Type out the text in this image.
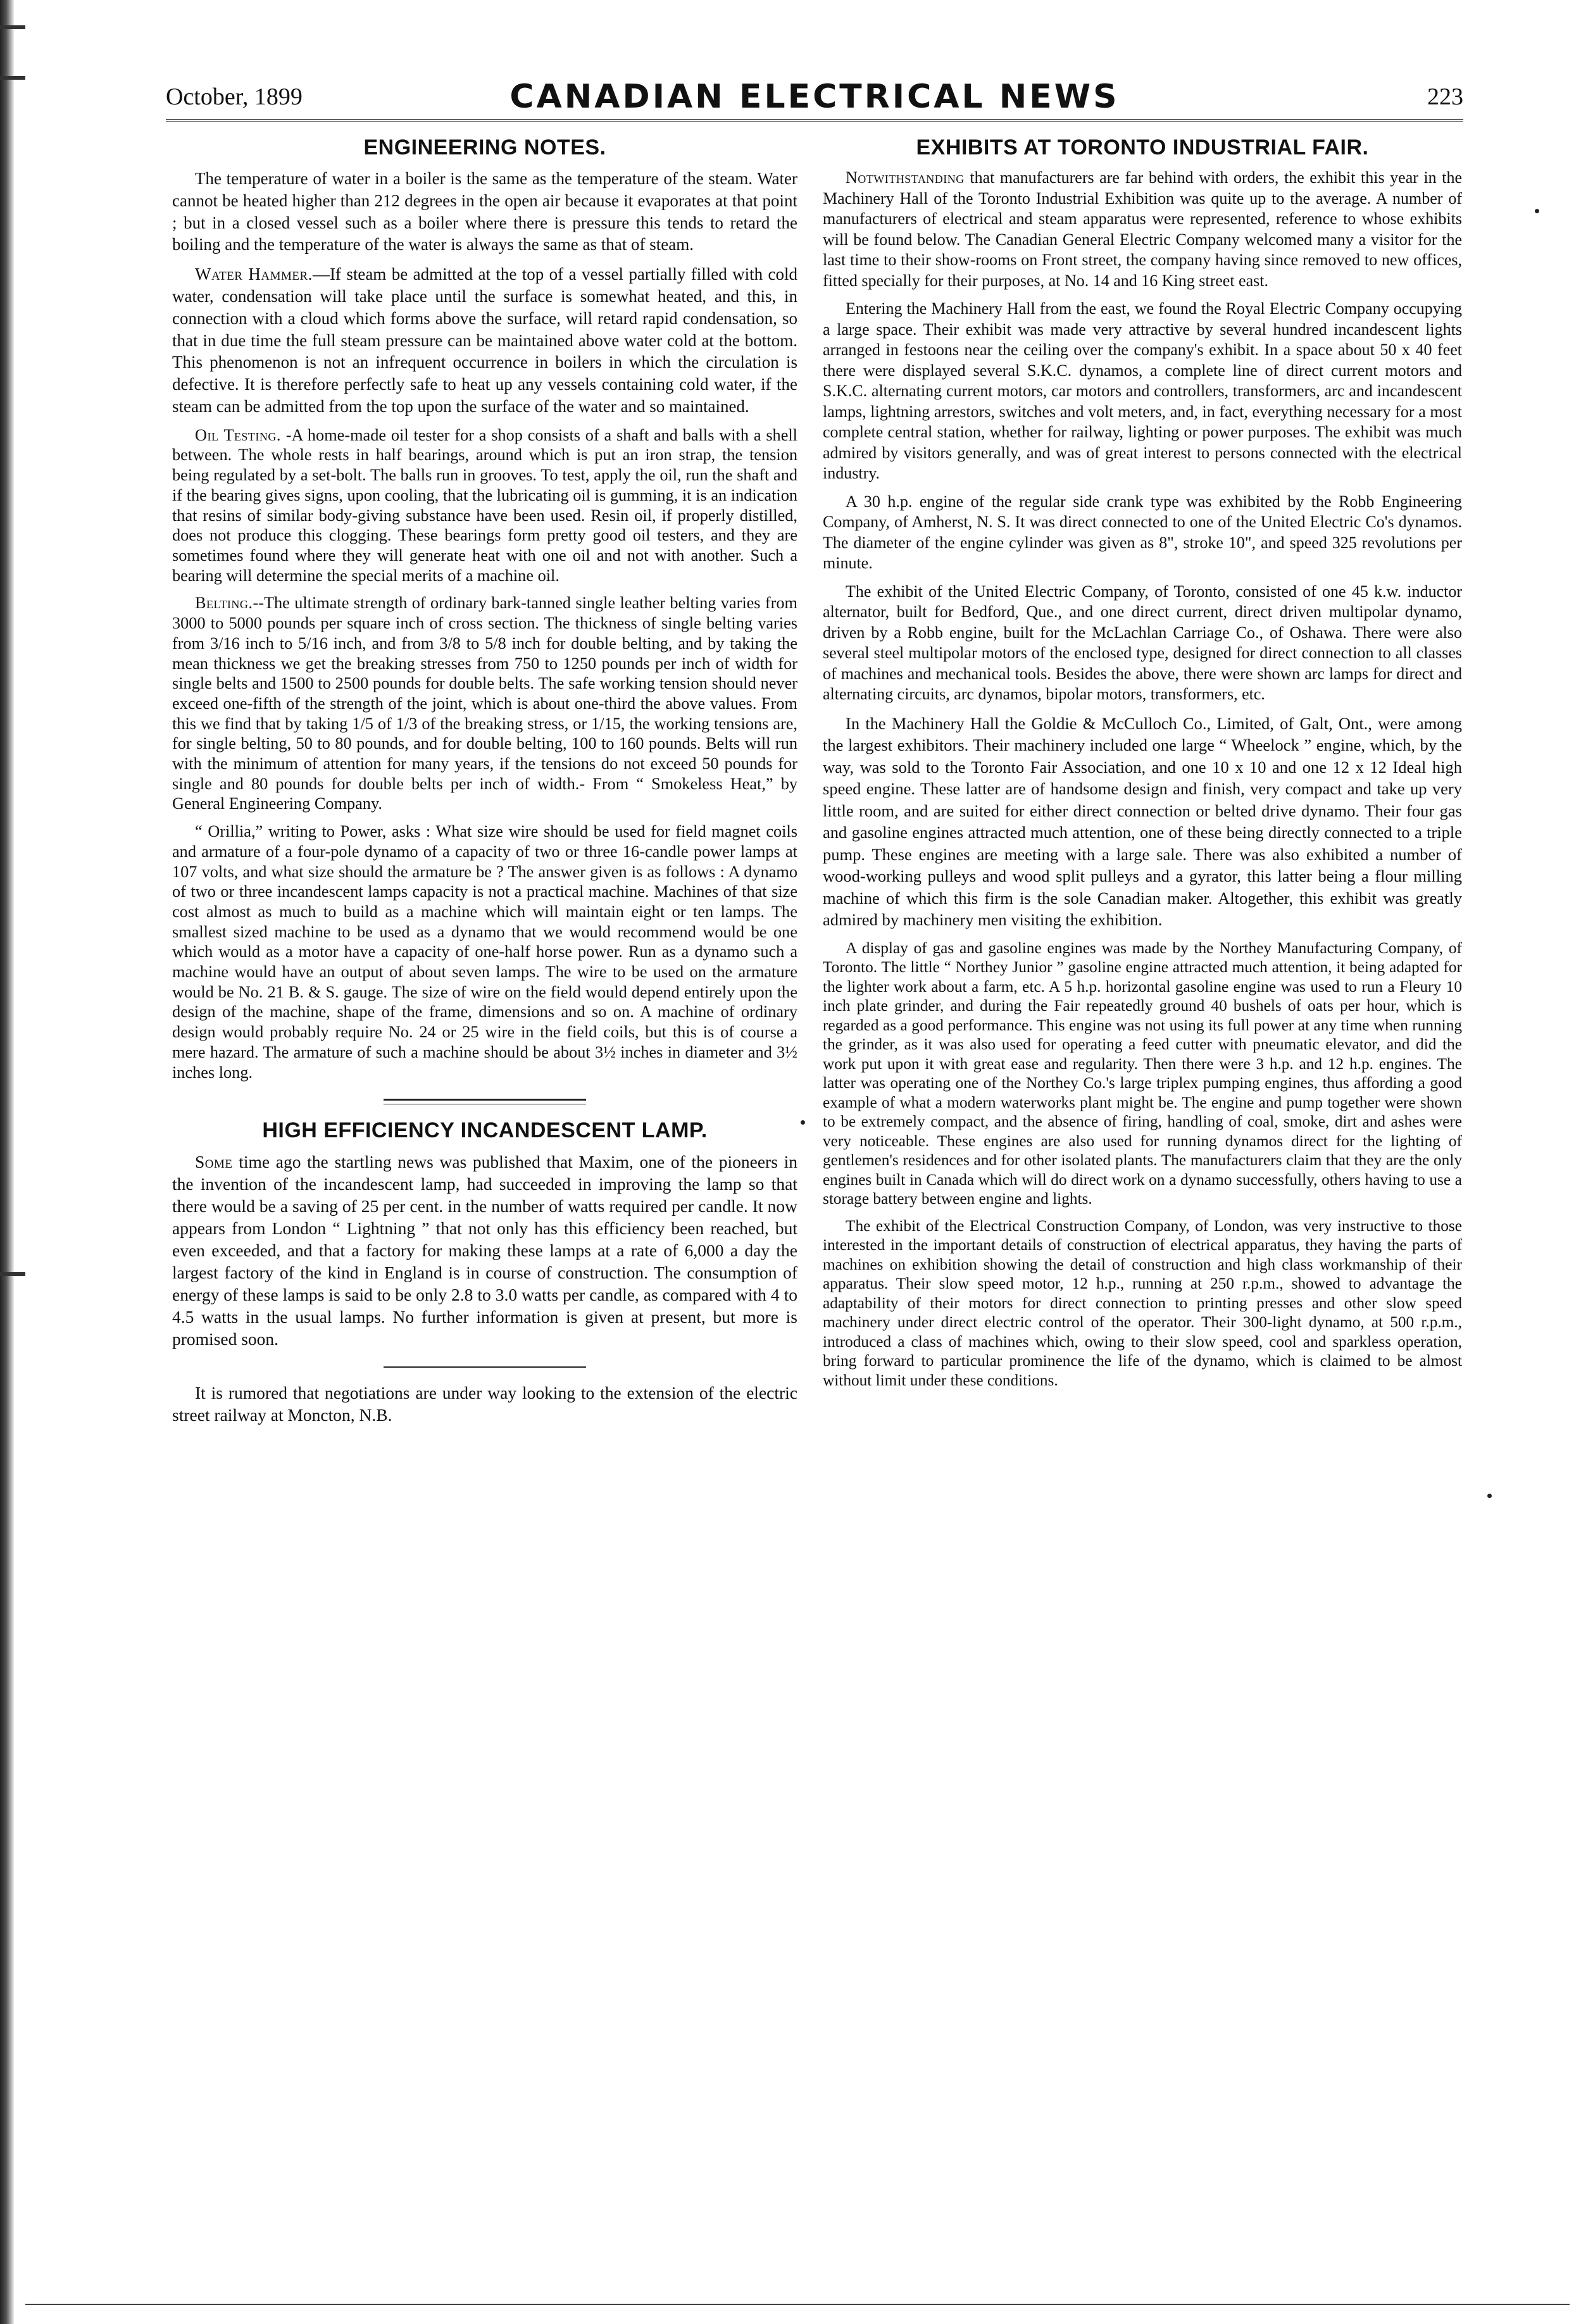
October, 1899	CANADIAN ELECTRICAL NEWS	223
ENGINEERING NOTES.

The temperature of water in a boiler is the same as the temperature of the steam. Water cannot be heated higher than 212 degrees in the open air because it evaporates at that point ; but in a closed vessel such as a boiler where there is pressure this tends to retard the boiling and the temperature of the water is always the same as that of steam.

Water Hammer.—If steam be admitted at the top of a vessel partially filled with cold water, condensation will take place until the surface is somewhat heated, and this, in connection with a cloud which forms above the surface, will retard rapid condensation, so that in due time the full steam pressure can be maintained above water cold at the bottom. This phenomenon is not an infrequent occurrence in boilers in which the circulation is defective. It is therefore perfectly safe to heat up any vessels containing cold water, if the steam can be admitted from the top upon the surface of the water and so maintained.

Oil Testing. -A home-made oil tester for a shop consists of a shaft and balls with a shell between. The whole rests in half bearings, around which is put an iron strap, the tension being regulated by a set-bolt. The balls run in grooves. To test, apply the oil, run the shaft and if the bearing gives signs, upon cooling, that the lubricating oil is gumming, it is an indication that resins of similar body-giving substance have been used. Resin oil, if properly distilled, does not produce this clogging. These bearings form pretty good oil testers, and they are sometimes found where they will generate heat with one oil and not with another. Such a bearing will determine the special merits of a machine oil.

Belting.--The ultimate strength of ordinary bark-tanned single leather belting varies from 3000 to 5000 pounds per square inch of cross section. The thickness of single belting varies from 3/16 inch to 5/16 inch, and from 3/8 to 5/8 inch for double belting, and by taking the mean thickness we get the breaking stresses from 750 to 1250 pounds per inch of width for single belts and 1500 to 2500 pounds for double belts. The safe working tension should never exceed one-fifth of the strength of the joint, which is about one-third the above values. From this we find that by taking 1/5 of 1/3 of the breaking stress, or 1/15, the working tensions are, for single belting, 50 to 80 pounds, and for double belting, 100 to 160 pounds. Belts will run with the minimum of attention for many years, if the tensions do not exceed 50 pounds for single and 80 pounds for double belts per inch of width.- From “ Smokeless Heat,” by General Engineering Company.

“ Orillia,” writing to Power, asks : What size wire should be used for field magnet coils and armature of a four-pole dynamo of a capacity of two or three 16-candle power lamps at 107 volts, and what size should the armature be ? The answer given is as follows : A dynamo of two or three incandescent lamps capacity is not a practical machine. Machines of that size cost almost as much to build as a machine which will maintain eight or ten lamps. The smallest sized machine to be used as a dynamo that we would recommend would be one which would as a motor have a capacity of one-half horse power. Run as a dynamo such a machine would have an output of about seven lamps. The wire to be used on the armature would be No. 21 B. & S. gauge. The size of wire on the field would depend entirely upon the design of the machine, shape of the frame, dimensions and so on. A machine of ordinary design would probably require No. 24 or 25 wire in the field coils, but this is of course a mere hazard. The armature of such a machine should be about 3½ inches in diameter and 3½ inches long.

HIGH EFFICIENCY INCANDESCENT LAMP.

Some time ago the startling news was published that Maxim, one of the pioneers in the invention of the incandescent lamp, had succeeded in improving the lamp so that there would be a saving of 25 per cent. in the number of watts required per candle. It now appears from London “ Lightning ” that not only has this efficiency been reached, but even exceeded, and that a factory for making these lamps at a rate of 6,000 a day the largest factory of the kind in England is in course of construction. The consumption of energy of these lamps is said to be only 2.8 to 3.0 watts per candle, as compared with 4 to 4.5 watts in the usual lamps. No further information is given at present, but more is promised soon.

It is rumored that negotiations are under way looking to the extension of the electric street railway at Moncton, N.B.

EXHIBITS AT TORONTO INDUSTRIAL FAIR.

Notwithstanding that manufacturers are far behind with orders, the exhibit this year in the Machinery Hall of the Toronto Industrial Exhibition was quite up to the average. A number of manufacturers of electrical and steam apparatus were represented, reference to whose exhibits will be found below. The Canadian General Electric Company welcomed many a visitor for the last time to their show-rooms on Front street, the company having since removed to new offices, fitted specially for their purposes, at No. 14 and 16 King street east.

Entering the Machinery Hall from the east, we found the Royal Electric Company occupying a large space. Their exhibit was made very attractive by several hundred incandescent lights arranged in festoons near the ceiling over the company's exhibit. In a space about 50 x 40 feet there were displayed several S.K.C. dynamos, a complete line of direct current motors and S.K.C. alternating current motors, car motors and controllers, transformers, arc and incandescent lamps, lightning arrestors, switches and volt meters, and, in fact, everything necessary for a most complete central station, whether for railway, lighting or power purposes. The exhibit was much admired by visitors generally, and was of great interest to persons connected with the electrical industry.

A 30 h.p. engine of the regular side crank type was exhibited by the Robb Engineering Company, of Amherst, N. S. It was direct connected to one of the United Electric Co's dynamos. The diameter of the engine cylinder was given as 8", stroke 10", and speed 325 revolutions per minute.

The exhibit of the United Electric Company, of Toronto, consisted of one 45 k.w. inductor alternator, built for Bedford, Que., and one direct current, direct driven multipolar dynamo, driven by a Robb engine, built for the McLachlan Carriage Co., of Oshawa. There were also several steel multipolar motors of the enclosed type, designed for direct connection to all classes of machines and mechanical tools. Besides the above, there were shown arc lamps for direct and alternating circuits, arc dynamos, bipolar motors, transformers, etc.

In the Machinery Hall the Goldie & McCulloch Co., Limited, of Galt, Ont., were among the largest exhibitors. Their machinery included one large “ Wheelock ” engine, which, by the way, was sold to the Toronto Fair Association, and one 10 x 10 and one 12 x 12 Ideal high speed engine. These latter are of handsome design and finish, very compact and take up very little room, and are suited for either direct connection or belted drive dynamo. Their four gas and gasoline engines attracted much attention, one of these being directly connected to a triple pump. These engines are meeting with a large sale. There was also exhibited a number of wood-working pulleys and wood split pulleys and a gyrator, this latter being a flour milling machine of which this firm is the sole Canadian maker. Altogether, this exhibit was greatly admired by machinery men visiting the exhibition.

A display of gas and gasoline engines was made by the Northey Manufacturing Company, of Toronto. The little “ Northey Junior ” gasoline engine attracted much attention, it being adapted for the lighter work about a farm, etc. A 5 h.p. horizontal gasoline engine was used to run a Fleury 10 inch plate grinder, and during the Fair repeatedly ground 40 bushels of oats per hour, which is regarded as a good performance. This engine was not using its full power at any time when running the grinder, as it was also used for operating a feed cutter with pneumatic elevator, and did the work put upon it with great ease and regularity. Then there were 3 h.p. and 12 h.p. engines. The latter was operating one of the Northey Co.'s large triplex pumping engines, thus affording a good example of what a modern waterworks plant might be. The engine and pump together were shown to be extremely compact, and the absence of firing, handling of coal, smoke, dirt and ashes were very noticeable. These engines are also used for running dynamos direct for the lighting of gentlemen's residences and for other isolated plants. The manufacturers claim that they are the only engines built in Canada which will do direct work on a dynamo successfully, others having to use a storage battery between engine and lights.

The exhibit of the Electrical Construction Company, of London, was very instructive to those interested in the important details of construction of electrical apparatus, they having the parts of machines on exhibition showing the detail of construction and high class workmanship of their apparatus. Their slow speed motor, 12 h.p., running at 250 r.p.m., showed to advantage the adaptability of their motors for direct connection to printing presses and other slow speed machinery under direct electric control of the operator. Their 300-light dynamo, at 500 r.p.m., introduced a class of machines which, owing to their slow speed, cool and sparkless operation, bring forward to particular prominence the life of the dynamo, which is claimed to be almost without limit under these conditions.
